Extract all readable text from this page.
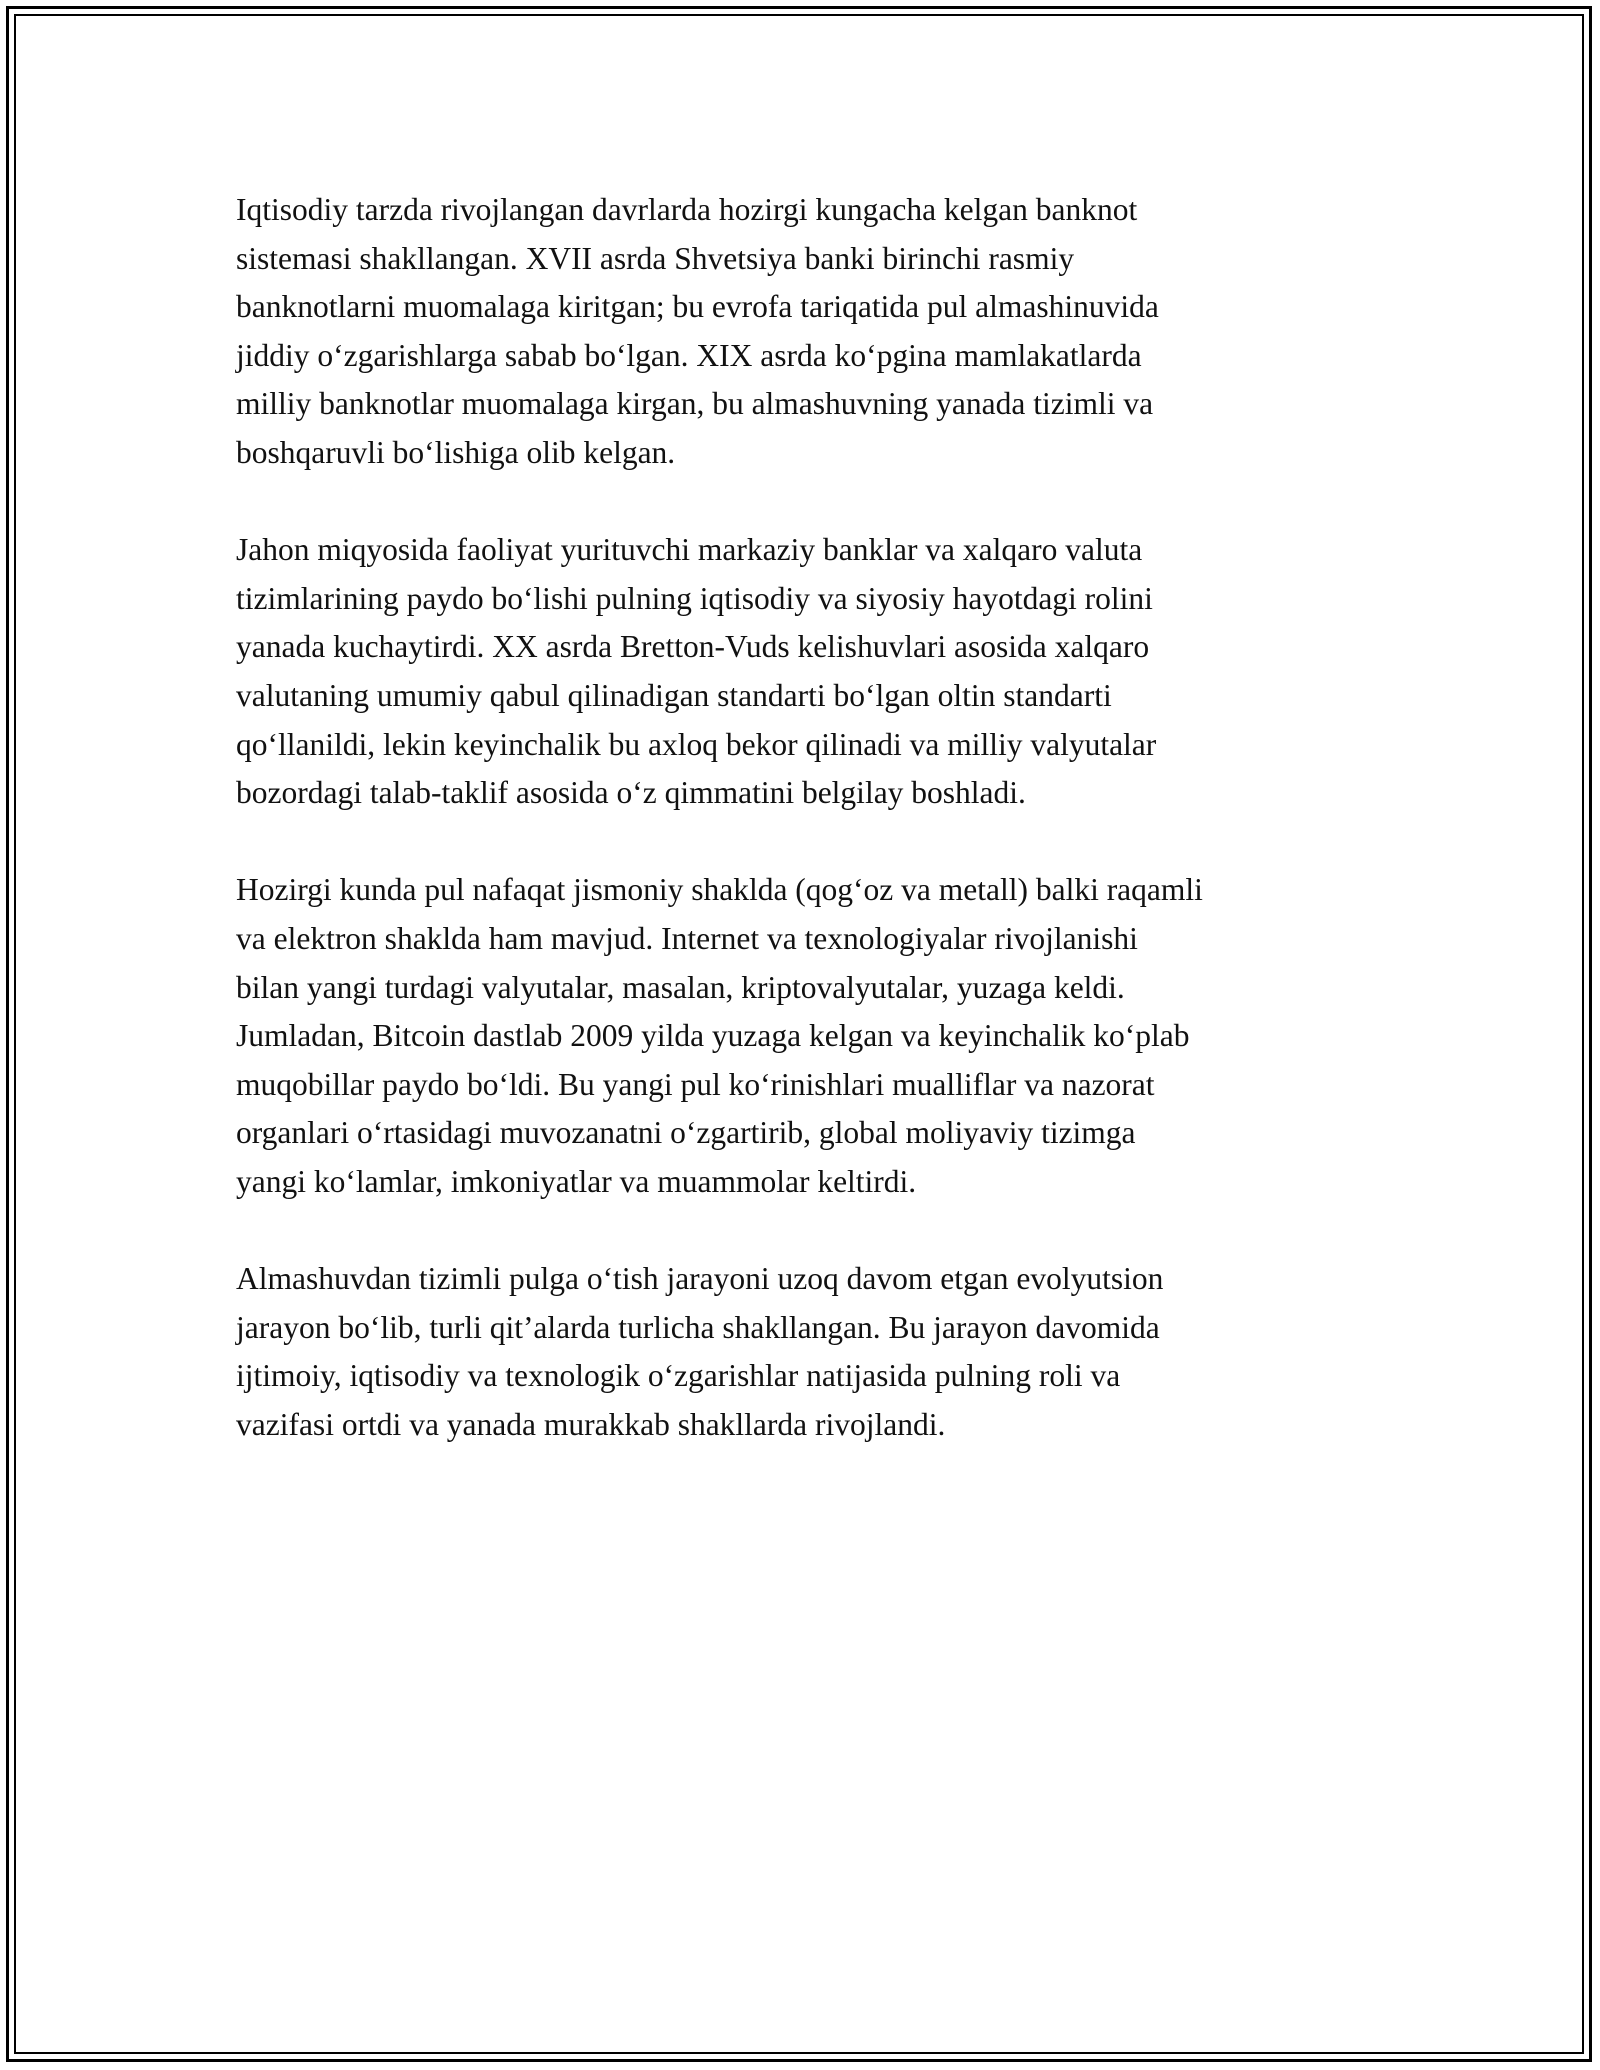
Iqtisodiy tarzda rivojlangan davrlarda hozirgi kungacha kelgan banknot
sistemasi shakllangan. XVII asrda Shvetsiya banki birinchi rasmiy
banknotlarni muomalaga kiritgan; bu evrofa tariqatida pul almashinuvida
jiddiy oʻzgarishlarga sabab boʻlgan. XIX asrda koʻpgina mamlakatlarda
milliy banknotlar muomalaga kirgan, bu almashuvning yanada tizimli va
boshqaruvli boʻlishiga olib kelgan.

Jahon miqyosida faoliyat yurituvchi markaziy banklar va xalqaro valuta
tizimlarining paydo boʻlishi pulning iqtisodiy va siyosiy hayotdagi rolini
yanada kuchaytirdi. XX asrda Bretton-Vuds kelishuvlari asosida xalqaro
valutaning umumiy qabul qilinadigan standarti boʻlgan oltin standarti
qoʻllanildi, lekin keyinchalik bu axloq bekor qilinadi va milliy valyutalar
bozordagi talab-taklif asosida oʻz qimmatini belgilay boshladi.

Hozirgi kunda pul nafaqat jismoniy shaklda (qogʻoz va metall) balki raqamli
va elektron shaklda ham mavjud. Internet va texnologiyalar rivojlanishi
bilan yangi turdagi valyutalar, masalan, kriptovalyutalar, yuzaga keldi.
Jumladan, Bitcoin dastlab 2009 yilda yuzaga kelgan va keyinchalik koʻplab
muqobillar paydo boʻldi. Bu yangi pul koʻrinishlari mualliflar va nazorat
organlari oʻrtasidagi muvozanatni oʻzgartirib, global moliyaviy tizimga
yangi koʻlamlar, imkoniyatlar va muammolar keltirdi.

Almashuvdan tizimli pulga oʻtish jarayoni uzoq davom etgan evolyutsion
jarayon boʻlib, turli qitʼalarda turlicha shakllangan. Bu jarayon davomida
ijtimoiy, iqtisodiy va texnologik oʻzgarishlar natijasida pulning roli va
vazifasi ortdi va yanada murakkab shakllarda rivojlandi.
